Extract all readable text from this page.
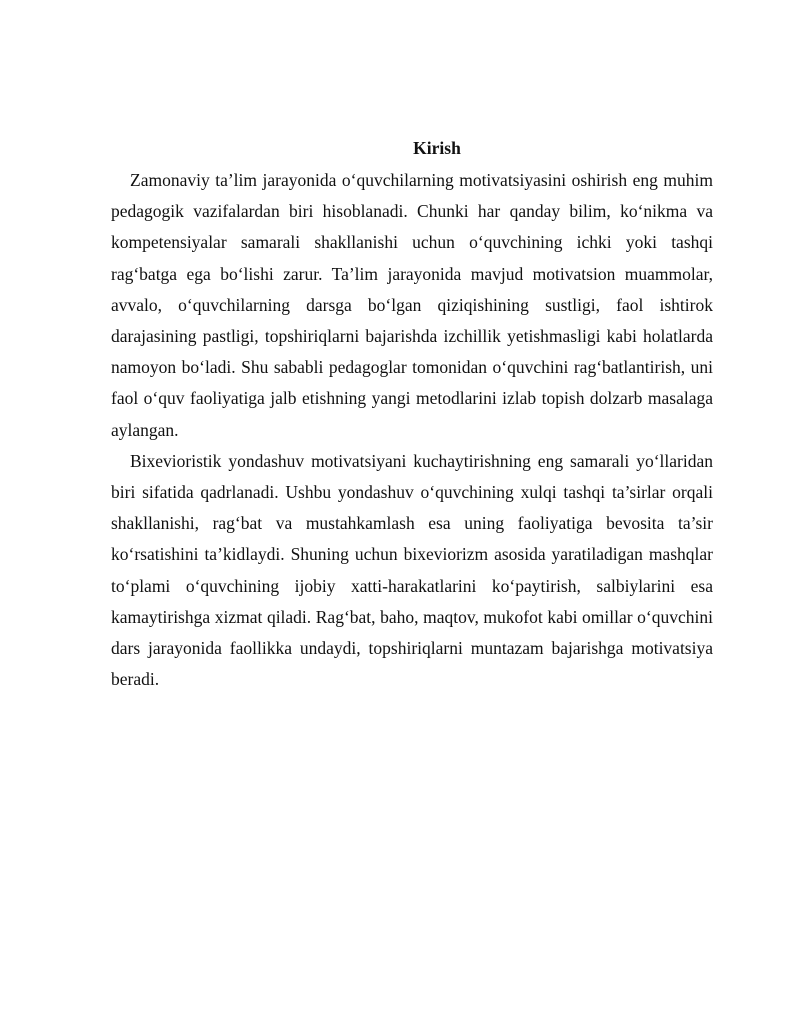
Kirish

Zamonaviy ta’lim jarayonida o‘quvchilarning motivatsiyasini oshirish eng muhim pedagogik vazifalardan biri hisoblanadi. Chunki har qanday bilim, ko‘nikma va kompetensiyalar samarali shakllanishi uchun o‘quvchining ichki yoki tashqi rag‘batga ega bo‘lishi zarur. Ta’lim jarayonida mavjud motivatsion muammolar, avvalo, o‘quvchilarning darsga bo‘lgan qiziqishining sustligi, faol ishtirok darajasining pastligi, topshiriqlarni bajarishda izchillik yetishmasligi kabi holatlarda namoyon bo‘ladi. Shu sababli pedagoglar tomonidan o‘quvchini rag‘batlantirish, uni faol o‘quv faoliyatiga jalb etishning yangi metodlarini izlab topish dolzarb masalaga aylangan.

Bixevioristik yondashuv motivatsiyani kuchaytirishning eng samarali yo‘llaridan biri sifatida qadrlanadi. Ushbu yondashuv o‘quvchining xulqi tashqi ta’sirlar orqali shakllanishi, rag‘bat va mustahkamlash esa uning faoliyatiga bevosita ta’sir ko‘rsatishini ta’kidlaydi. Shuning uchun bixeviorizm asosida yaratiladigan mashqlar to‘plami o‘quvchining ijobiy xatti-harakatlarini ko‘paytirish, salbiylarini esa kamaytirishga xizmat qiladi. Rag‘bat, baho, maqtov, mukofot kabi omillar o‘quvchini dars jarayonida faollikka undaydi, topshiriqlarni muntazam bajarishga motivatsiya beradi.
